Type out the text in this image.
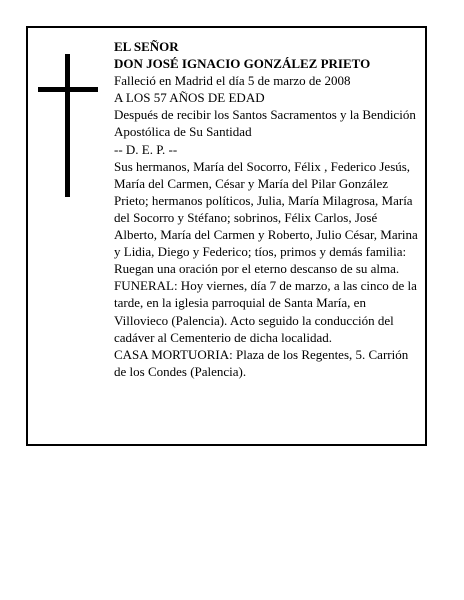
EL SEÑOR

DON JOSÉ IGNACIO GONZÁLEZ PRIETO

Falleció en Madrid el día 5 de marzo de 2008

A LOS 57 AÑOS DE EDAD

Después de recibir los Santos Sacramentos y la Bendición Apostólica de Su Santidad

-- D. E. P. --

Sus hermanos, María del Socorro, Félix , Federico Jesús, María del Carmen, César y María del Pilar González Prieto; hermanos políticos, Julia, María Milagrosa, María del Socorro y Stéfano; sobrinos, Félix Carlos, José Alberto, María del Carmen y Roberto, Julio César, Marina y Lidia, Diego y Federico; tíos, primos y demás familia:

Ruegan una oración por el eterno descanso de su alma.

FUNERAL: Hoy viernes, día 7 de marzo, a las cinco de la tarde, en la iglesia parroquial de Santa María, en Villovieco (Palencia). Acto seguido la conducción del cadáver al Cementerio de dicha localidad.

CASA MORTUORIA: Plaza de los Regentes, 5. Carrión de los Condes (Palencia).
